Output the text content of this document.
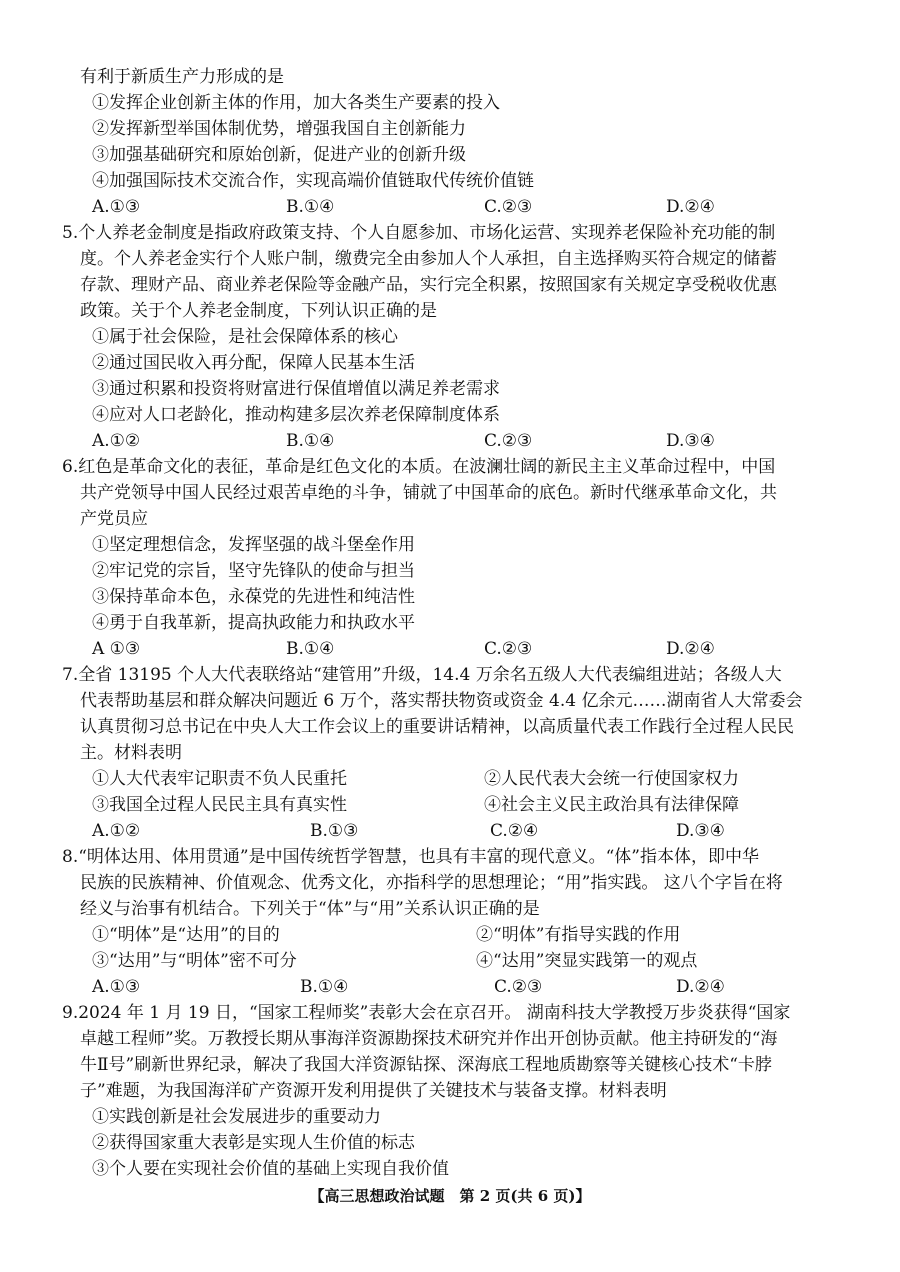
有利于新质生产力形成的是
①发挥企业创新主体的作用，加大各类生产要素的投入
②发挥新型举国体制优势，增强我国自主创新能力
③加强基础研究和原始创新，促进产业的创新升级
④加强国际技术交流合作，实现高端价值链取代传统价值链
A.①③	B.①④	C.②③	D.②④
5.个人养老金制度是指政府政策支持、个人自愿参加、市场化运营、实现养老保险补充功能的制
度。个人养老金实行个人账户制，缴费完全由参加人个人承担，自主选择购买符合规定的储蓄
存款、理财产品、商业养老保险等金融产品，实行完全积累，按照国家有关规定享受税收优惠
政策。关于个人养老金制度，下列认识正确的是
①属于社会保险，是社会保障体系的核心
②通过国民收入再分配，保障人民基本生活
③通过积累和投资将财富进行保值增值以满足养老需求
④应对人口老龄化，推动构建多层次养老保障制度体系
A.①②	B.①④	C.②③	D.③④
6.红色是革命文化的表征，革命是红色文化的本质。在波澜壮阔的新民主主义革命过程中，中国
共产党领导中国人民经过艰苦卓绝的斗争，铺就了中国革命的底色。新时代继承革命文化，共
产党员应
①坚定理想信念，发挥坚强的战斗堡垒作用
②牢记党的宗旨，坚守先锋队的使命与担当
③保持革命本色，永葆党的先进性和纯洁性
④勇于自我革新，提高执政能力和执政水平
A ①③	B.①④	C.②③	D.②④
7.全省 13195 个人大代表联络站“建管用”升级，14.4 万余名五级人大代表编组进站；各级人大
代表帮助基层和群众解决问题近 6 万个，落实帮扶物资或资金 4.4 亿余元……湖南省人大常委会
认真贯彻习总书记在中央人大工作会议上的重要讲话精神，以高质量代表工作践行全过程人民民
主。材料表明
①人大代表牢记职责不负人民重托	②人民代表大会统一行使国家权力
③我国全过程人民民主具有真实性	④社会主义民主政治具有法律保障
A.①②	B.①③	C.②④	D.③④
8.“明体达用、体用贯通”是中国传统哲学智慧，也具有丰富的现代意义。“体”指本体，即中华
民族的民族精神、价值观念、优秀文化，亦指科学的思想理论；“用”指实践。 这八个字旨在将
经义与治事有机结合。下列关于“体”与“用”关系认识正确的是
①“明体”是“达用”的目的	②“明体”有指导实践的作用
③“达用”与“明体”密不可分	④“达用”突显实践第一的观点
A.①③	B.①④	C.②③	D.②④
9.2024 年 1 月 19 日，“国家工程师奖”表彰大会在京召开。 湖南科技大学教授万步炎获得“国家
卓越工程师”奖。万教授长期从事海洋资源勘探技术研究并作出开创协贡献。他主持研发的“海
牛Ⅱ号”刷新世界纪录，解决了我国大洋资源钻探、深海底工程地质勘察等关键核心技术“卡脖
子”难题，为我国海洋矿产资源开发利用提供了关键技术与装备支撑。材料表明
①实践创新是社会发展进步的重要动力
②获得国家重大表彰是实现人生价值的标志
③个人要在实现社会价值的基础上实现自我价值
【高三思想政治试题　第 2 页(共 6 页)】
